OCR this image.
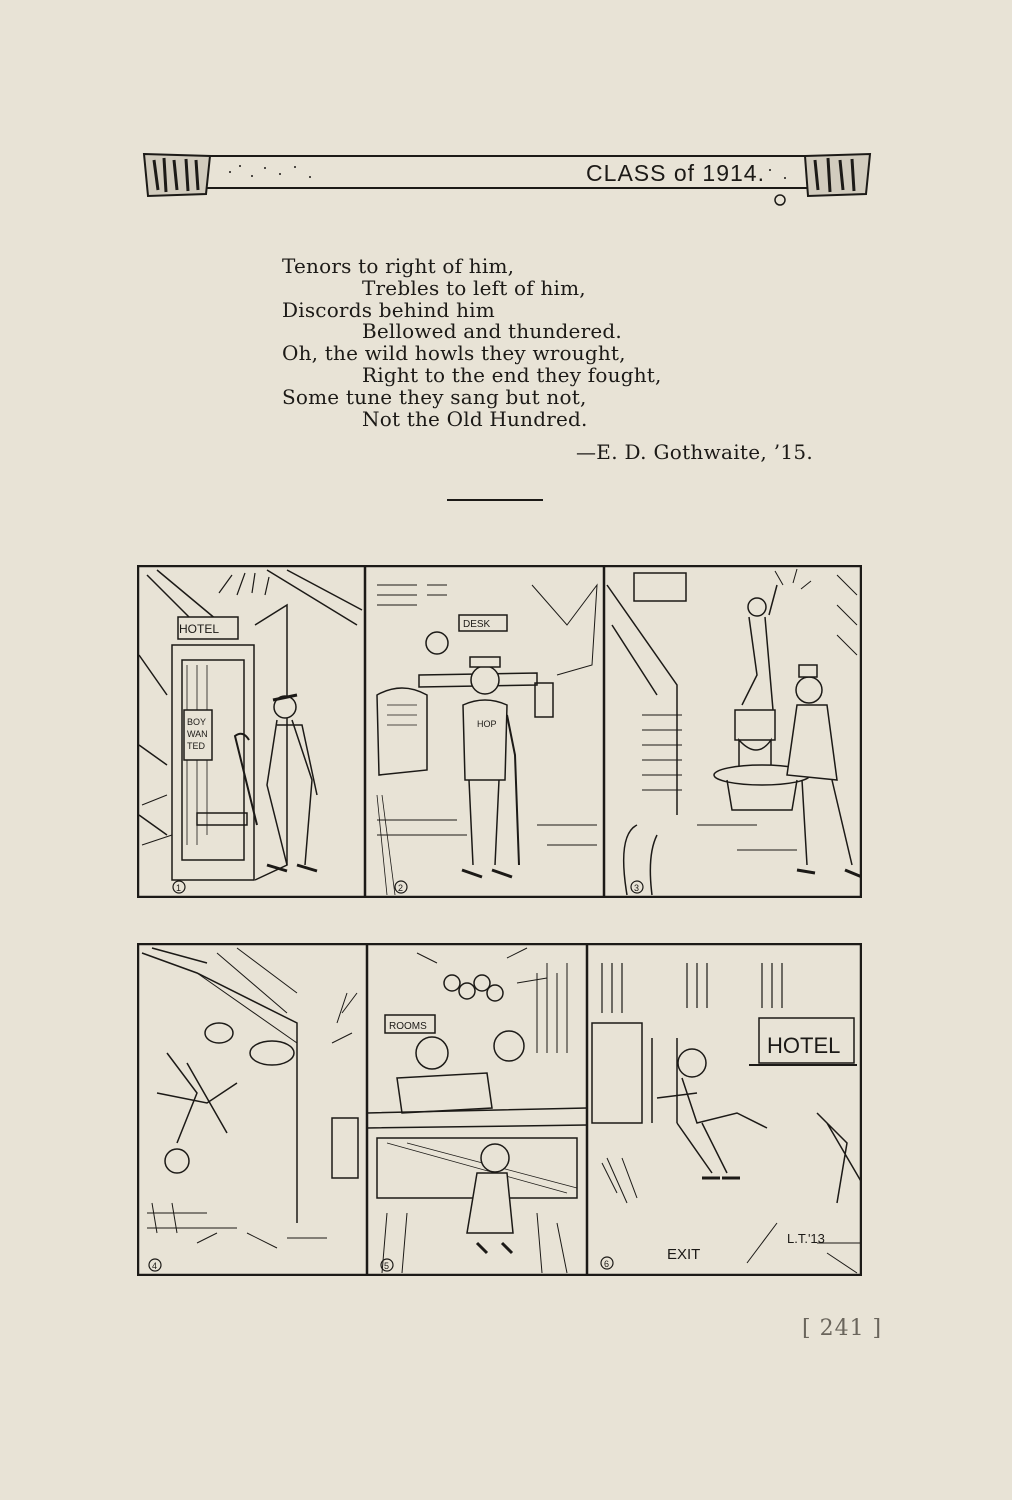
CLASS of 1914.
Tenors to right of him,
Trebles to left of him,
Discords behind him
Bellowed and thundered.
Oh, the wild howls they wrought,
Right to the end they fought,
Some tune they sang but not,
Not the Old Hundred.
—E. D. Gothwaite, ’15.
HOTEL
BOY
WAN
TED
1
DESK
HOP
2	3
4
ROOMS
5
HOTEL
EXIT
L.T.'13
6
[ 241 ]
